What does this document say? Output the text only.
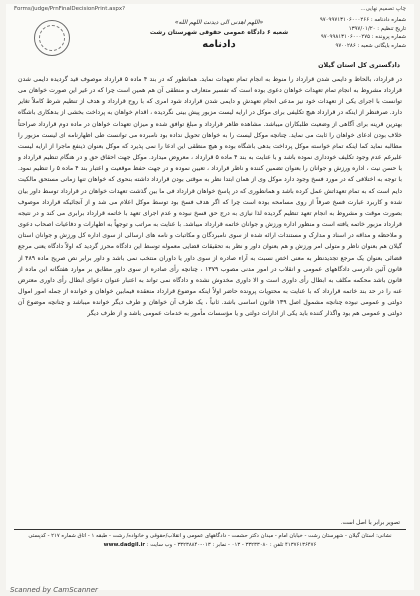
Forms/judge/PrnFinalDecisionPrint.aspx?	...چاپ تصمیم نهایی
شماره دادنامه : ۹۷۰۹۹۷۱۳۱۰۶۰۰۰۲۶۶
تاریخ تنظیم : ۱۳۹۷/۰۱/۲۰
شماره پرونده : ۹۷۰۹۹۸۱۳۱۰۶۰۰۰۲۷۵
شماره بایگانی شعبه : ۹۷۰۰۲۸۶
«اللهم اهدنی الی دیدنت اللهم الله»
شعبه ۶ دادگاه عمومی حقوقی شهرستان رشت
دادنامه
دادگستری کل استان گیلان
در قرارداد، بالحاظ و دایمی شدن قرارداد را منوط به انجام تمام تعهدات نماید. همانطور که در بند ۴ ماده ۵ قرارداد موصوف قید گردیده دایمی شدن قرارداد مشروط به انجام تمام تعهدات خواهان دعوی بوده است که تفسیر متعارف و منطقی آن هم همین است چرا که در غیر این صورت خواهان می توانست با اجرای یکی از تعهدات خود نیز مدعی انجام تعهدش و دایمی شدن قرارداد شود امری که با روح قرارداد و هدف از تنظیم شرط کاملاً تغایر دارد. صرفنظر از اینکه در قرارداد هیچ تکلیفی برای موکل در ارایه لیست مزبور پیش بینی نگردیده ، اقدام خواهان به پرداخت بخشی از بدهکاری باشگاه بهترین قرینه برای آگاهی از وضعیت طلبکاران میباشد. مشاهده ظاهر قرارداد و مبلغ توافق شده و میزان تعهدات خواهان در ماده دوم قرارداد صراحتاً خلاف بودن ادعای خواهان را ثابت می نماید. چنانچه موکل لیست را به خواهان تحویل نداده بود نامبرده می توانست طی اظهارنامه ای لیست مزبور را مطالبه نماید کما اینکه تمام خواسته موکل پرداخت بدهی باشگاه بوده و هیچ منطقی این ادعا را نمی پذیرد که موکل بعنوان ذینفع ماجرا از ارایه لیست علیرغم عدم وجود تکلیف خودداری نموده باشد و با عنایت به بند ۴ ماده ۵ قرارداد ، معروض میدارد. موکل جهت احقاق حق و در هنگام تنظیم قرارداد و با حسن نیت ، اداره ورزش و جوانان را بعنوان تضمین کننده و ناظر قرارداد ، تعیین نموده و در جهت حفظ موقعیت و اعتبار بند ۴ ماده ۵ را تنظیم نمود. با توجه به اختلافی که در مورد فسخ وجود دارد موکل وی از همان ابتدا نظر به موقتی بودن قرارداد داشته بنحوی که خواهان تنها زمانی مستحق مالکیت دایم است که به تمام تعهداتش عمل کرده باشد و همانطوری که در پاسخ خواهان قرارداد فی ما بین گذشت تعهدات خواهان در قرارداد توسط داور بیان شده و کاربرد عبارت فسخ صرفاً از روی مسامحه بوده است چرا که اگر هدف فسخ بود توسط موکل اعلام می شد و از آنجائیکه قرارداد موصوف بصورت موقت و مشروط به انجام تعهد تنظیم گردیده لذا نیازی به درج حق فسخ نبوده و عدم اجرای تعهد با خاتمه قرارداد برابری می کند و در نتیجه قرارداد مزبور خاتمه یافته است و منظور اداره ورزش و جوانان خاتمه قرارداد میباشد. با عنایت به مراتب و توجهاً به اظهارات و دفاعیات اصحاب دعوی و ملاحظه و مداقه در اسناد و مدارک و مستندات ارائه شده از سوی نامبردگان و مکاتبات و نامه های ارسالی از سوی اداره کل ورزش و جوانان استان گیلان هم بعنوان ناظر و متولی امر ورزش و هم بعنوان داور و نظر به تحقیقات قضایی معموله توسط این دادگاه محرز گردید که اولاً دادگاه یعنی مرجع قضائی بعنوان یک مرجع تجدیدنظر به معنی اخص نسبت به آراء صادره از سوی داور یا داوران منتخب نمی باشد و داور برابر نص صریح ماده ۴۸۹ از قانون آئین دادرسی دادگاههای عمومی و انقلاب در امور مدنی مصوب ۱۳۷۹ ، چنانچه رأی صادره از سوی داور مطابق بر موارد هفتگانه این ماده از قانون باشد محکمه مکلف به ابطال رأی داوری است و الا داوری مخدوش نشده و دادگاه نمی تواند به اعتبار عنوان دعوای ابطال رأی داوری معترض عنه را در حد بند خاتمه قرارداد که با عنایت به محتویات پرونده حاضر اولاً اینکه موضوع قرارداد منعقده فیمابین خواهان و خوانده از جمله امور اموال دولتی و عمومی نبوده چنانچه مشمول اصل ۱۳۹ قانون اساسی باشد. ثانیاً ، یک طرف آن خواهان و طرف دیگر خوانده میباشد و چنانچه موضوع آن دولتی و عمومی هم بود واگذار کننده باید یکی از ادارات دولتی و یا مؤسسات مأمور به خدمات عمومی باشد و از طرف دیگر
تصویر برابر با اصل است.
نشانی: استان گیلان - شهرستان رشت - خیابان امام - میدان دکتر حشمت - دادگاههای عمومی و انقلاب/حقوقی و خانواده/ رشت - طبقه ۱ - اتاق شماره ۲۱۷ - کدپستی
۴۱۳۷۶۱۳۶۴۷۶ تلفن : ۳۳۲۳۳۰۸۰ - ۰۱۳ - نمابر : ۰۱۳-۳۳۲۳۸۸۴۰ - وب سایت : www.dadgil.ir
Scanned by CamScanner
